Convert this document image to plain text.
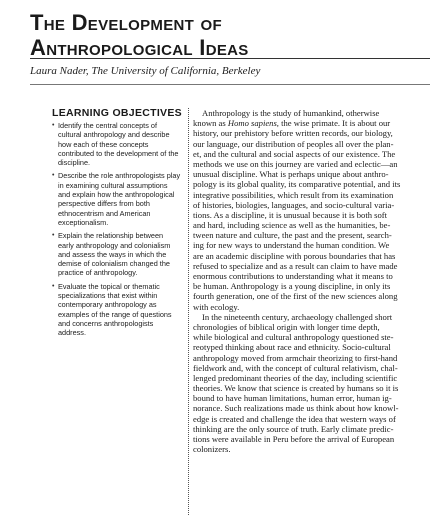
The Development of
Anthropological Ideas
Laura Nader, The University of California, Berkeley
LEARNING OBJECTIVES
• Identify the central concepts of
cultural anthropology and describe
how each of these concepts
contributed to the development of the
discipline.
• Describe the role anthropologists play
in examining cultural assumptions
and explain how the anthropological
perspective differs from both
ethnocentrism and American
exceptionalism.
• Explain the relationship between
early anthropology and colonialism
and assess the ways in which the
demise of colonialism changed the
practice of anthropology.
• Evaluate the topical or thematic
specializations that exist within
contemporary anthropology as
examples of the range of questions
and concerns anthropologists
address.
Anthropology is the study of humankind, otherwise
known as Homo sapiens, the wise primate. It is about our
history, our prehistory before written records, our biology,
our language, our distribution of peoples all over the plan-
et, and the cultural and social aspects of our existence. The
methods we use on this journey are varied and eclectic—an
unusual discipline. What is perhaps unique about anthro-
pology is its global quality, its comparative potential, and its
integrative possibilities, which result from its examination
of histories, biologies, languages, and socio-cultural varia-
tions. As a discipline, it is unusual because it is both soft
and hard, including science as well as the humanities, be-
tween nature and culture, the past and the present, search-
ing for new ways to understand the human condition. We
are an academic discipline with porous boundaries that has
refused to specialize and as a result can claim to have made
enormous contributions to understanding what it means to
be human. Anthropology is a young discipline, in only its
fourth generation, one of the first of the new sciences along
with ecology.
In the nineteenth century, archaeology challenged short
chronologies of biblical origin with longer time depth,
while biological and cultural anthropology questioned ste-
reotyped thinking about race and ethnicity. Socio-cultural
anthropology moved from armchair theorizing to first-hand
fieldwork and, with the concept of cultural relativism, chal-
lenged predominant theories of the day, including scientific
theories. We know that science is created by humans so it is
bound to have human limitations, human error, human ig-
norance. Such realizations made us think about how knowl-
edge is created and challenge the idea that western ways of
thinking are the only source of truth. Early climate predic-
tions were available in Peru before the arrival of European
colonizers.
